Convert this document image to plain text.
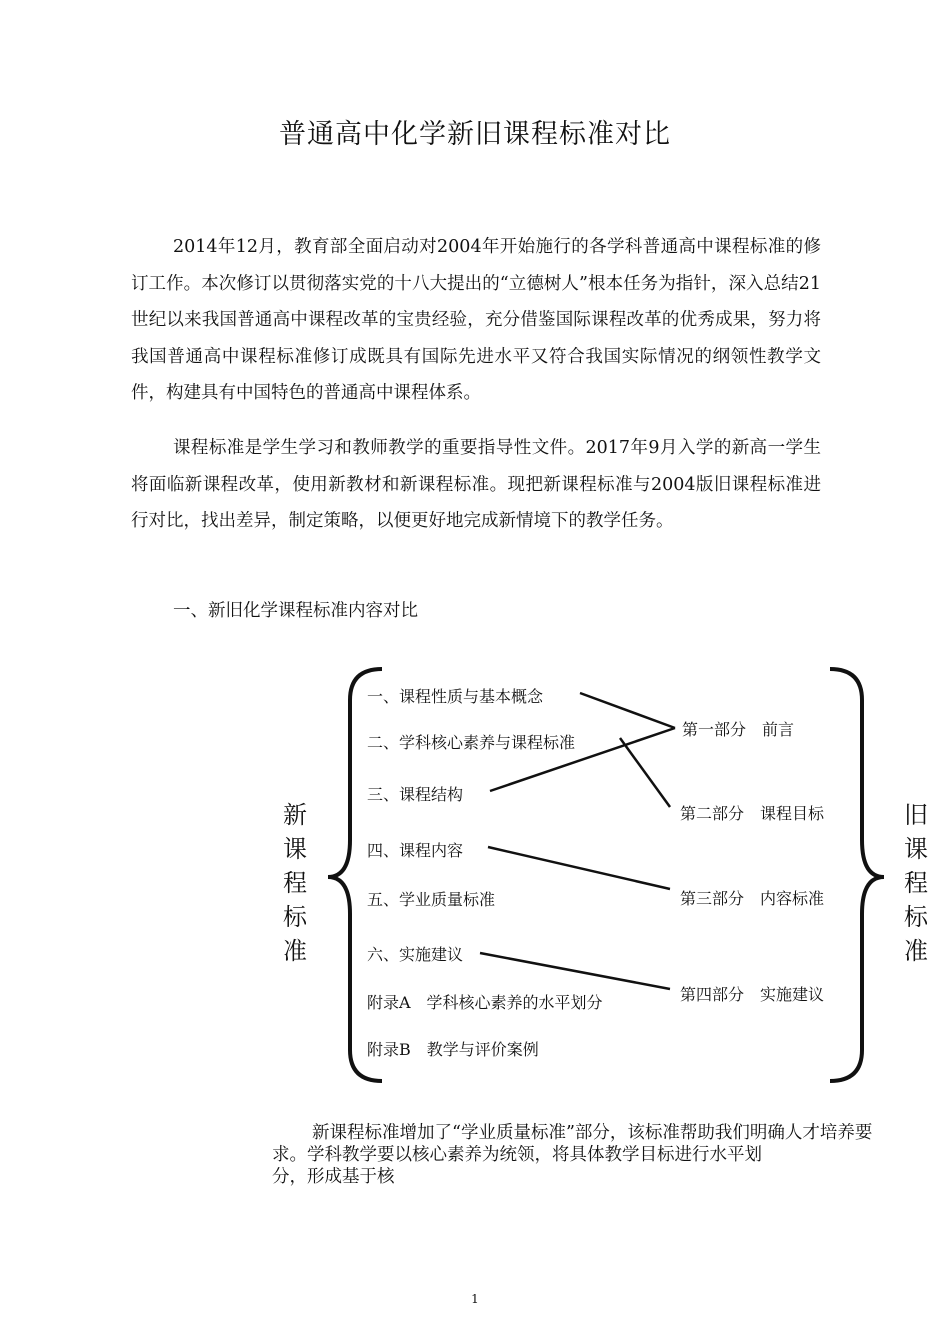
普通高中化学新旧课程标准对比

2014年12月，教育部全面启动对2004年开始施行的各学科普通高中课程标准的修订工作。本次修订以贯彻落实党的十八大提出的“立德树人”根本任务为指针，深入总结21世纪以来我国普通高中课程改革的宝贵经验，充分借鉴国际课程改革的优秀成果，努力将我国普通高中课程标准修订成既具有国际先进水平又符合我国实际情况的纲领性教学文件，构建具有中国特色的普通高中课程体系。

课程标准是学生学习和教师教学的重要指导性文件。2017年9月入学的新高一学生将面临新课程改革，使用新教材和新课程标准。现把新课程标准与2004版旧课程标准进行对比，找出差异，制定策略，以便更好地完成新情境下的教学任务。

一、新旧化学课程标准内容对比
新
课
程
标
准
旧
课
程
标
准
一、课程性质与基本概念
二、学科核心素养与课程标准
三、课程结构
四、课程内容
五、学业质量标准
六、实施建议
附录A　学科核心素养的水平划分
附录B　教学与评价案例
第一部分　前言
第二部分　课程目标
第三部分　内容标准
第四部分　实施建议
新课程标准增加了“学业质量标准”部分，该标准帮助我们明确人才培养要
求。学科教学要以核心素养为统领，将具体教学目标进行水平划
分，形成基于核
1
